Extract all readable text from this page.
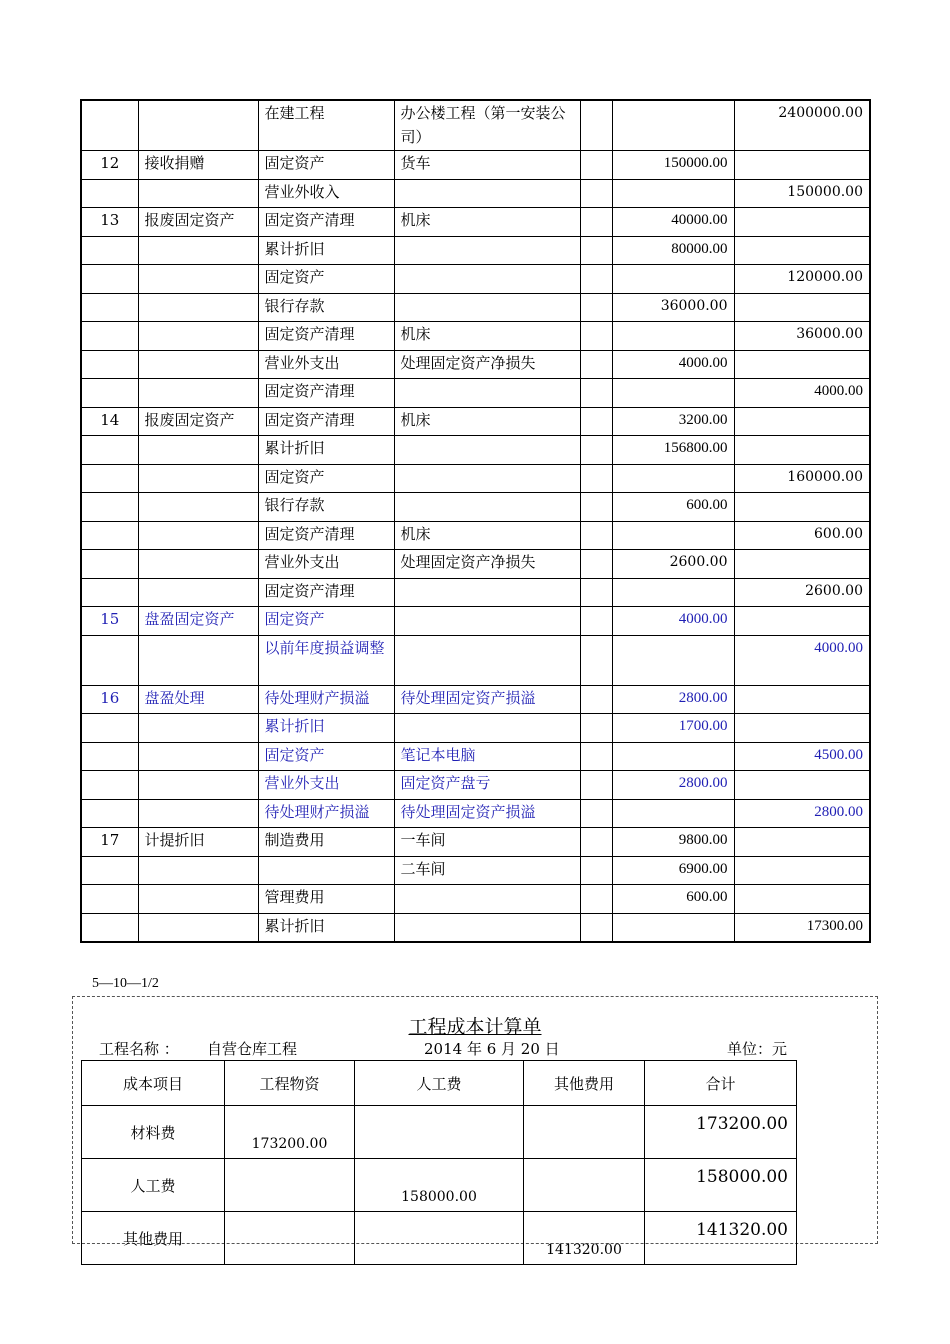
		在建工程	办公楼工程（第一安装公司）			2400000.00
12	接收捐赠	固定资产	货车		150000.00	
		营业外收入				150000.00
13	报废固定资产	固定资产清理	机床		40000.00	
		累计折旧			80000.00	
		固定资产				120000.00
		银行存款			36000.00	
		固定资产清理	机床			36000.00
		营业外支出	处理固定资产净损失		4000.00	
		固定资产清理				4000.00
14	报废固定资产	固定资产清理	机床		3200.00	
		累计折旧			156800.00	
		固定资产				160000.00
		银行存款			600.00	
		固定资产清理	机床			600.00
		营业外支出	处理固定资产净损失		2600.00	
		固定资产清理				2600.00
15	盘盈固定资产	固定资产			4000.00	
		以前年度损益调整				4000.00
16	盘盈处理	待处理财产损溢	待处理固定资产损溢		2800.00	
		累计折旧			1700.00	
		固定资产	笔记本电脑			4500.00
		营业外支出	固定资产盘亏		2800.00	
		待处理财产损溢	待处理固定资产损溢			2800.00
17	计提折旧	制造费用	一车间		9800.00	
			二车间		6900.00	
		管理费用			600.00	
		累计折旧				17300.00
5—10—1/2
工程成本计算单
工程名称 ： 自营仓库工程	2014 年 6 月 20 日	单位：元
成本项目	工程物资	人工费	其他费用	合计
材料费	173200.00			173200.00
人工费		158000.00		158000.00
其他费用			141320.00	141320.00
